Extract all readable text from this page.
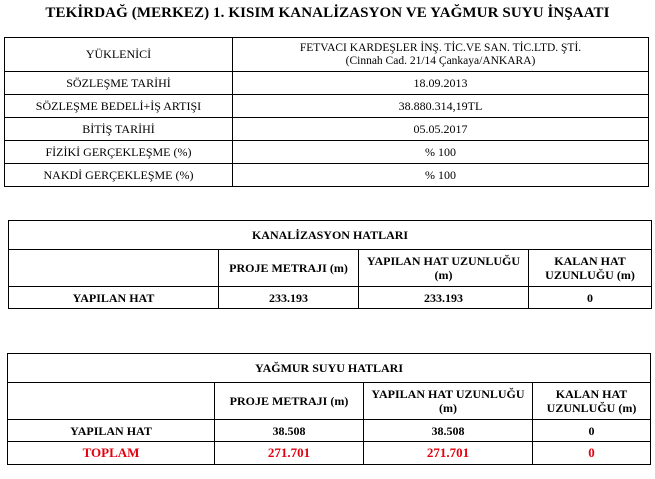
TEKİRDAĞ (MERKEZ) 1. KISIM KANALİZASYON VE YAĞMUR SUYU İNŞAATI
YÜKLENİCİ	FETVACI KARDEŞLER İNŞ. TİC.VE SAN. TİC.LTD. ŞTİ.
(Cinnah Cad. 21/14 Çankaya/ANKARA)

SÖZLEŞME TARİHİ	18.09.2013
SÖZLEŞME BEDELİ+İŞ ARTIŞI	38.880.314,19TL
BİTİŞ TARİHİ	05.05.2017
FİZİKİ GERÇEKLEŞME (%)	% 100
NAKDİ GERÇEKLEŞME (%)	% 100
KANALİZASYON HATLARI			
	PROJE METRAJI (m)	YAPILAN HAT UZUNLUĞU (m)	KALAN HAT UZUNLUĞU (m)
YAPILAN HAT	233.193	233.193	0
YAĞMUR SUYU HATLARI			
	PROJE METRAJI (m)	YAPILAN HAT UZUNLUĞU (m)	KALAN HAT UZUNLUĞU (m)
YAPILAN HAT	38.508	38.508	0
TOPLAM	271.701	271.701	0
